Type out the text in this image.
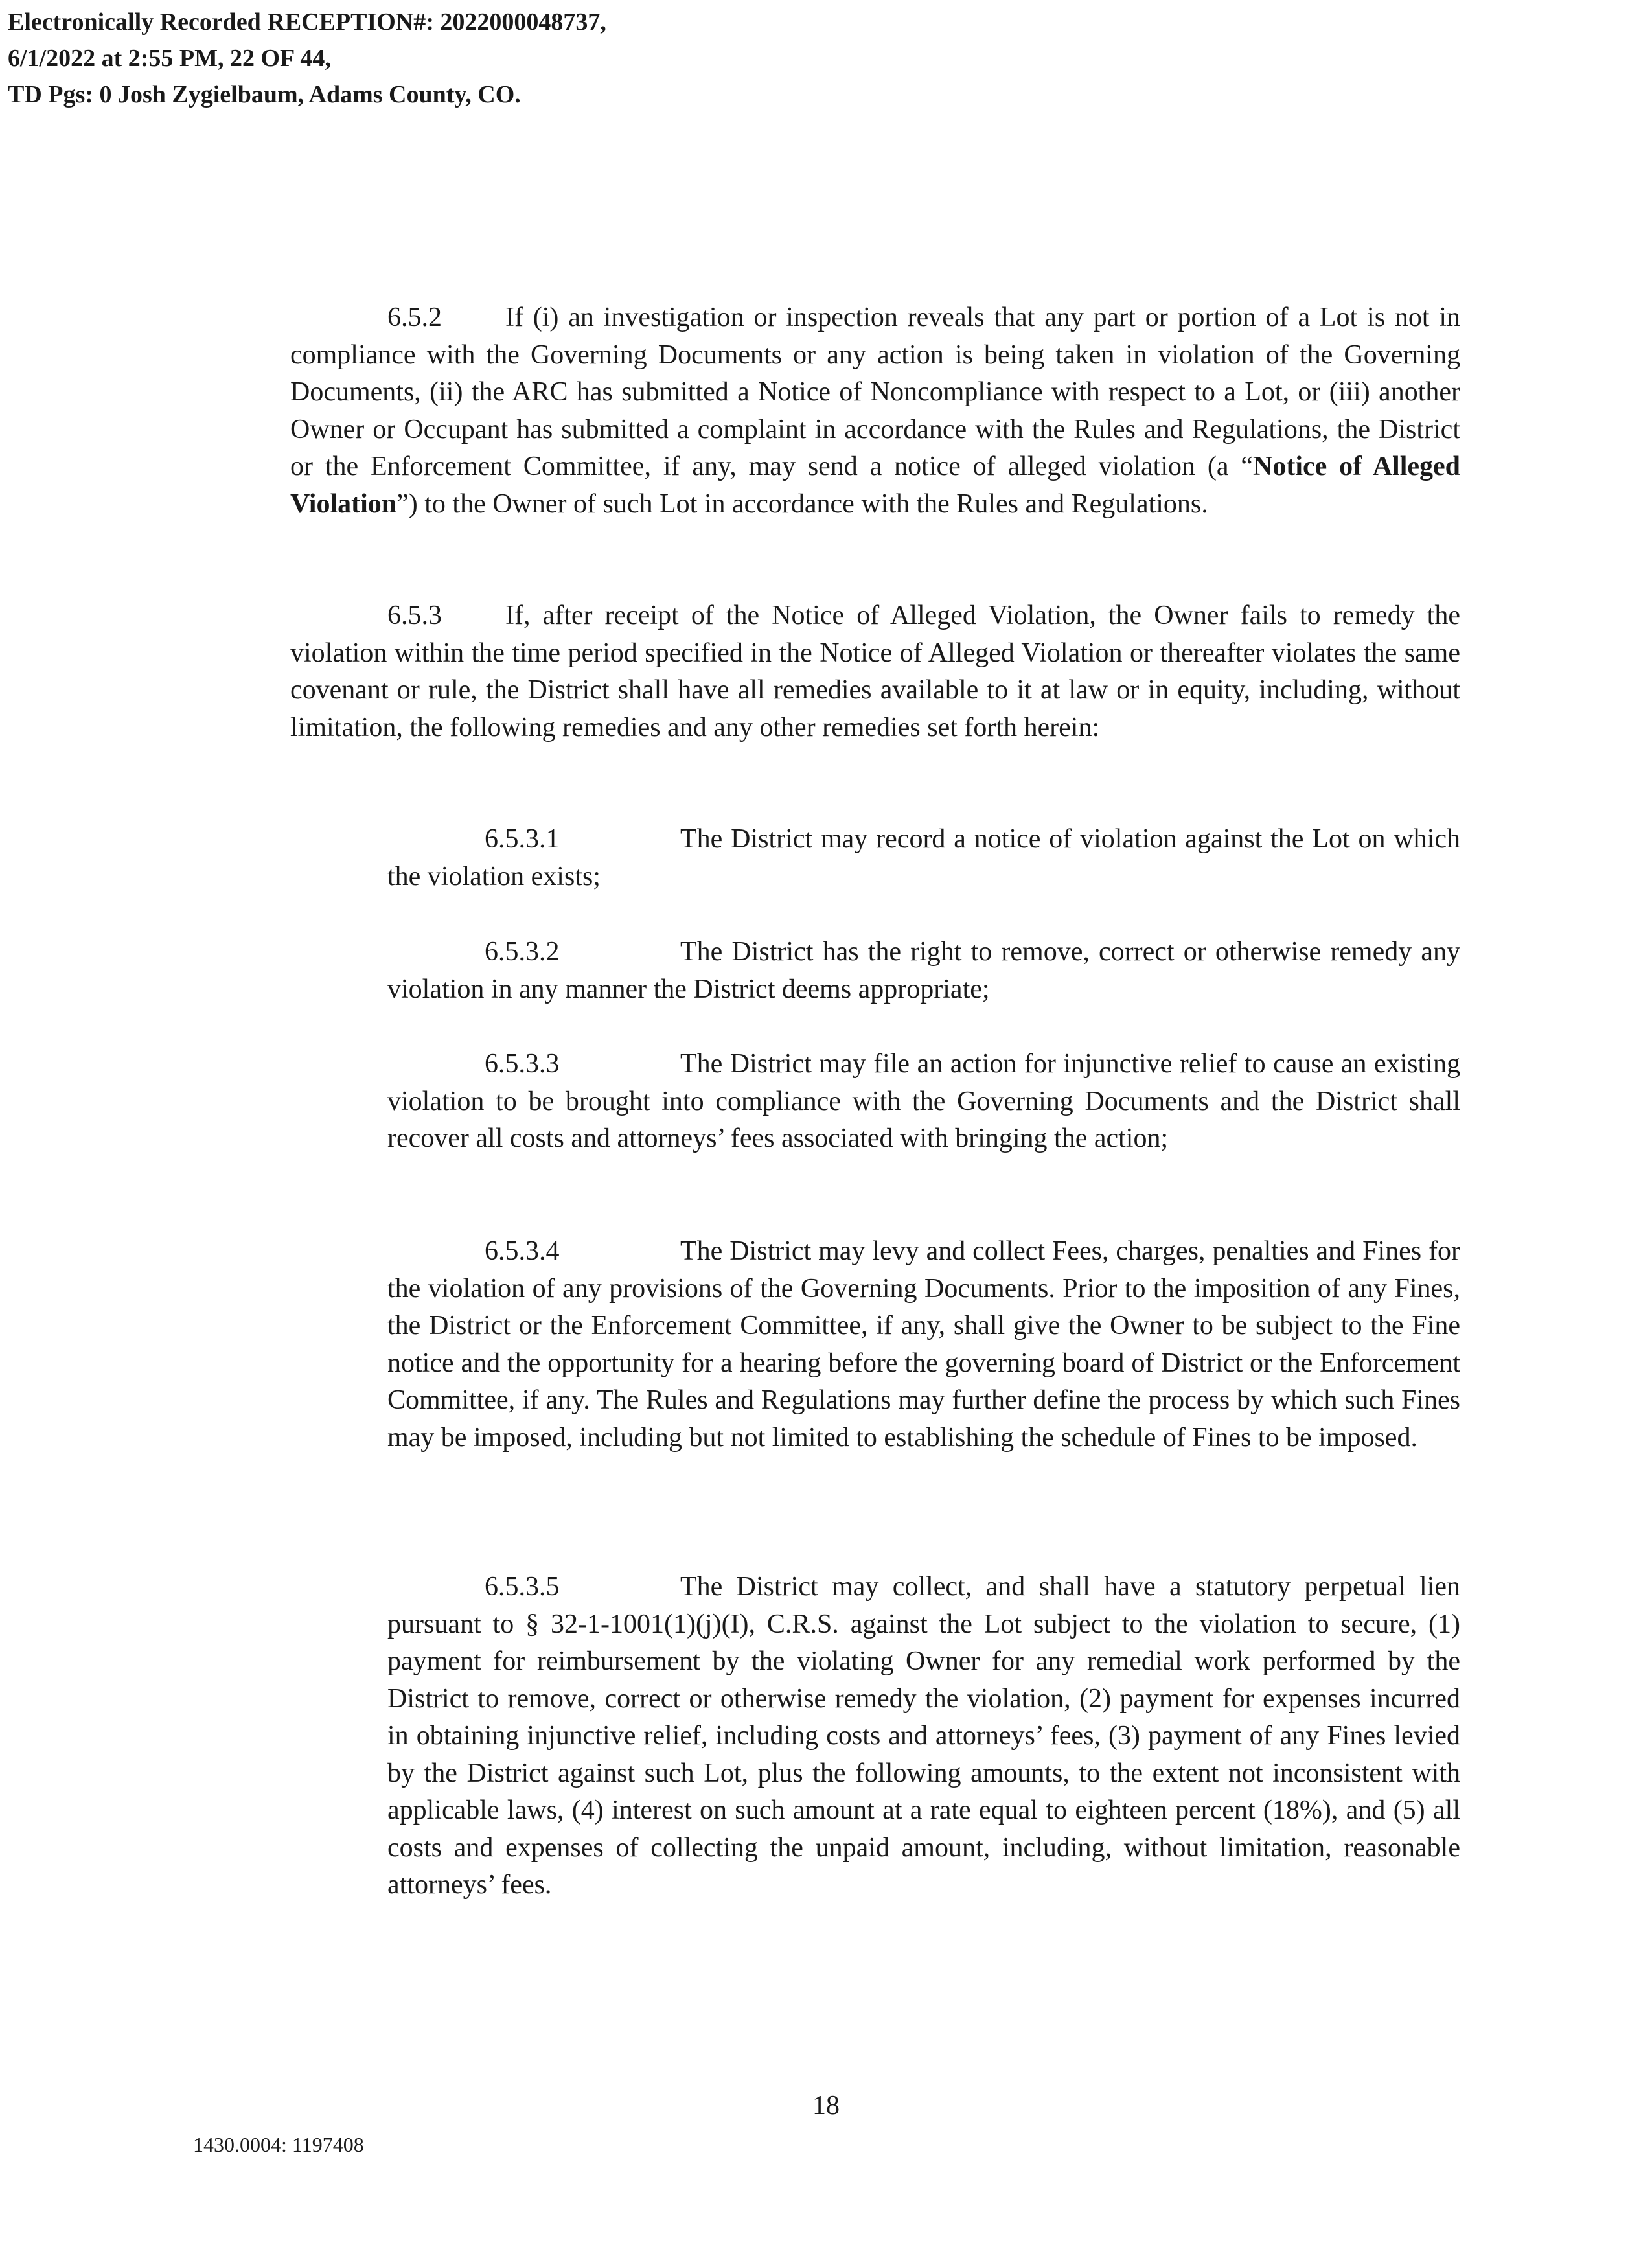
Electronically Recorded RECEPTION#: 2022000048737,
6/1/2022 at 2:55 PM, 22 OF 44,
TD Pgs: 0 Josh Zygielbaum, Adams County, CO.

6.5.2 If (i) an investigation or inspection reveals that any part or portion of a Lot is not in compliance with the Governing Documents or any action is being taken in violation of the Governing Documents, (ii) the ARC has submitted a Notice of Noncompliance with respect to a Lot, or (iii) another Owner or Occupant has submitted a complaint in accordance with the Rules and Regulations, the District or the Enforcement Committee, if any, may send a notice of alleged violation (a “Notice of Alleged Violation”) to the Owner of such Lot in accordance with the Rules and Regulations.

6.5.3 If, after receipt of the Notice of Alleged Violation, the Owner fails to remedy the violation within the time period specified in the Notice of Alleged Violation or thereafter violates the same covenant or rule, the District shall have all remedies available to it at law or in equity, including, without limitation, the following remedies and any other remedies set forth herein:

6.5.3.1	The District may record a notice of violation against the Lot on which the violation exists;

6.5.3.2	The District has the right to remove, correct or otherwise remedy any violation in any manner the District deems appropriate;

6.5.3.3	The District may file an action for injunctive relief to cause an existing violation to be brought into compliance with the Governing Documents and the District shall recover all costs and attorneys’ fees associated with bringing the action;

6.5.3.4	The District may levy and collect Fees, charges, penalties and Fines for the violation of any provisions of the Governing Documents. Prior to the imposition of any Fines, the District or the Enforcement Committee, if any, shall give the Owner to be subject to the Fine notice and the opportunity for a hearing before the governing board of District or the Enforcement Committee, if any. The Rules and Regulations may further define the process by which such Fines may be imposed, including but not limited to establishing the schedule of Fines to be imposed.

6.5.3.5	The District may collect, and shall have a statutory perpetual lien pursuant to § 32-1-1001(1)(j)(I), C.R.S. against the Lot subject to the violation to secure, (1) payment for reimbursement by the violating Owner for any remedial work performed by the District to remove, correct or otherwise remedy the violation, (2) payment for expenses incurred in obtaining injunctive relief, including costs and attorneys’ fees, (3) payment of any Fines levied by the District against such Lot, plus the following amounts, to the extent not inconsistent with applicable laws, (4) interest on such amount at a rate equal to eighteen percent (18%), and (5) all costs and expenses of collecting the unpaid amount, including, without limitation, reasonable attorneys’ fees.

18
1430.0004: 1197408
